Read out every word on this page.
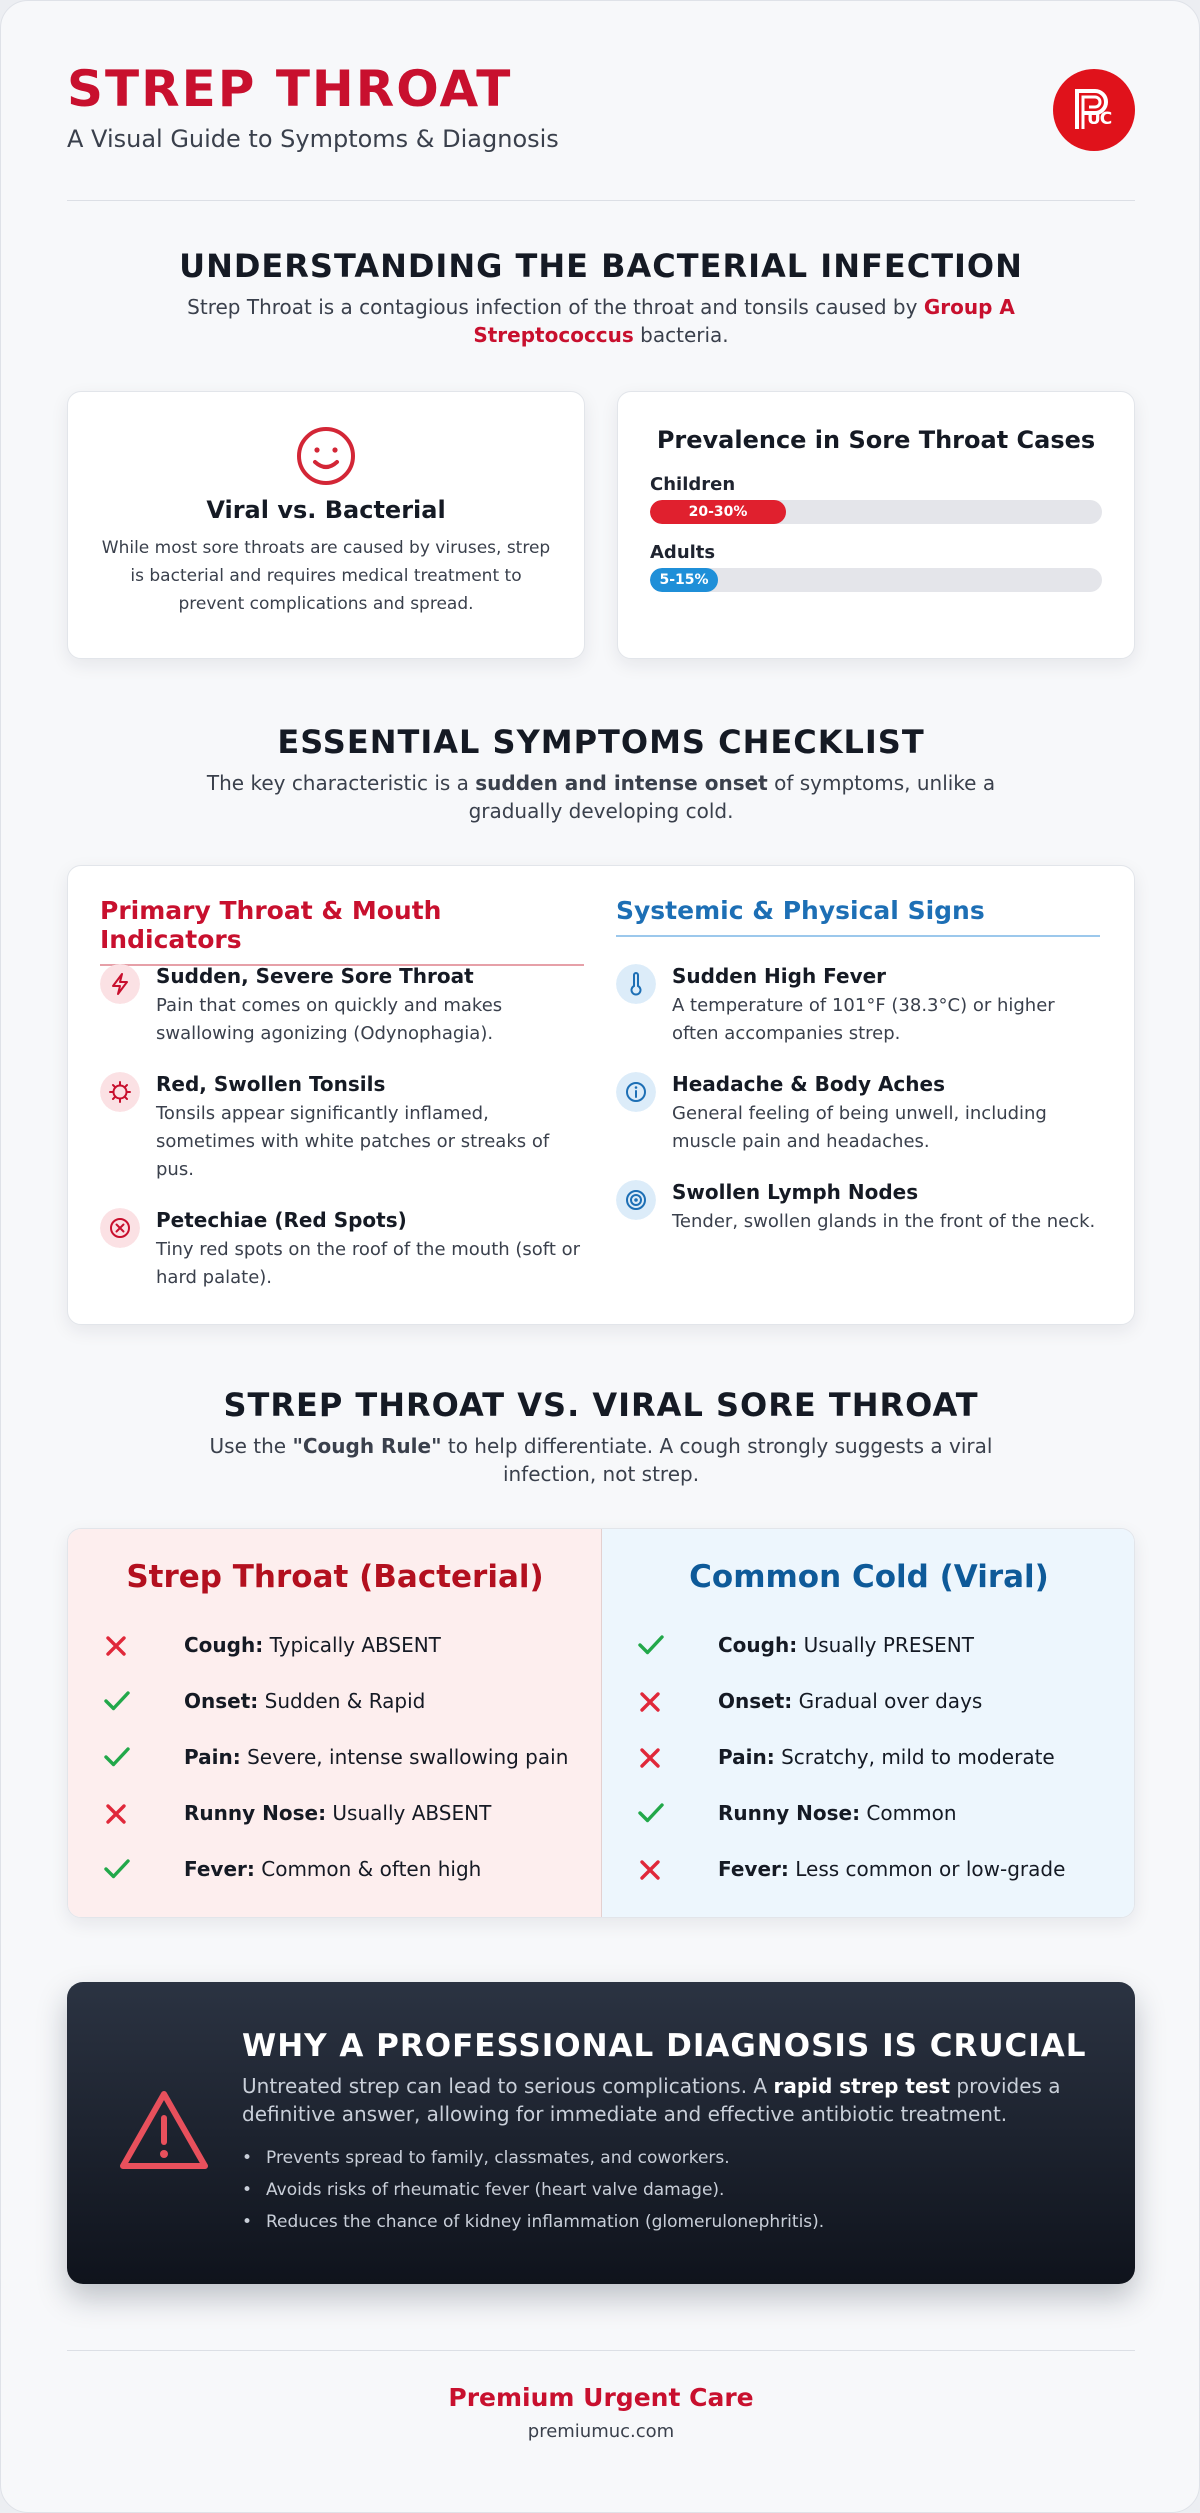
STREP THROAT
A Visual Guide to Symptoms & Diagnosis
UC
UNDERSTANDING THE BACTERIAL INFECTION
Strep Throat is a contagious infection of the throat and tonsils caused by Group A Streptococcus bacteria.
Viral vs. Bacterial
While most sore throats are caused by viruses, strep is bacterial and requires medical treatment to prevent complications and spread.
Prevalence in Sore Throat Cases
Children
20-30%
Adults
5-15%
ESSENTIAL SYMPTOMS CHECKLIST
The key characteristic is a sudden and intense onset of symptoms, unlike a gradually developing cold.
Primary Throat & Mouth Indicators
Systemic & Physical Signs
Sudden, Severe Sore Throat
Pain that comes on quickly and makes swallowing agonizing (Odynophagia).
Red, Swollen Tonsils
Tonsils appear significantly inflamed, sometimes with white patches or streaks of pus.
Petechiae (Red Spots)
Tiny red spots on the roof of the mouth (soft or hard palate).
Sudden High Fever
A temperature of 101°F (38.3°C) or higher often accompanies strep.
Headache & Body Aches
General feeling of being unwell, including muscle pain and headaches.
Swollen Lymph Nodes
Tender, swollen glands in the front of the neck.
STREP THROAT VS. VIRAL SORE THROAT
Use the "Cough Rule" to help differentiate. A cough strongly suggests a viral infection, not strep.
Strep Throat (Bacterial)
Cough: Typically ABSENT
Onset: Sudden & Rapid
Pain: Severe, intense swallowing pain
Runny Nose: Usually ABSENT
Fever: Common & often high
Common Cold (Viral)
Cough: Usually PRESENT
Onset: Gradual over days
Pain: Scratchy, mild to moderate
Runny Nose: Common
Fever: Less common or low-grade
WHY A PROFESSIONAL DIAGNOSIS IS CRUCIAL
Untreated strep can lead to serious complications. A rapid strep test provides a definitive answer, allowing for immediate and effective antibiotic treatment.
• Prevents spread to family, classmates, and coworkers.
• Avoids risks of rheumatic fever (heart valve damage).
• Reduces the chance of kidney inflammation (glomerulonephritis).
Premium Urgent Care
premiumuc.com
